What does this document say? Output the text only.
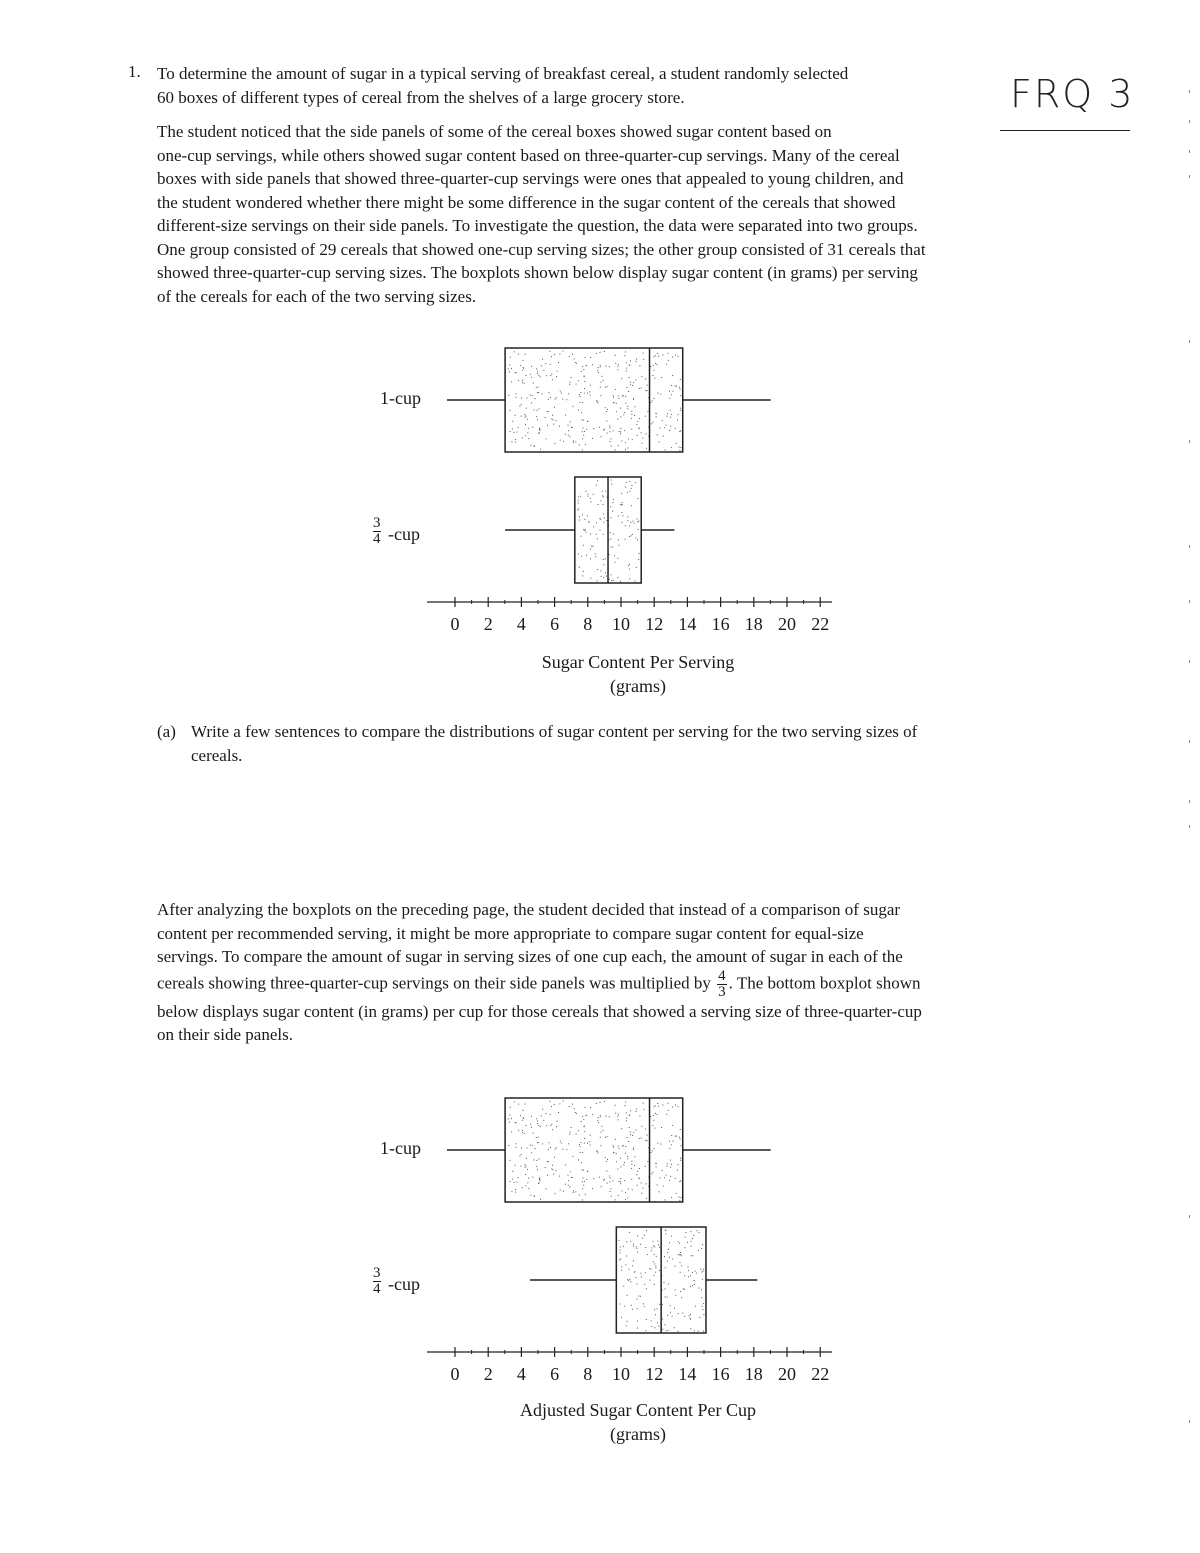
FRQ 3
1. To determine the amount of sugar in a typical serving of breakfast cereal, a student randomly selected
60 boxes of different types of cereal from the shelves of a large grocery store.

The student noticed that the side panels of some of the cereal boxes showed sugar content based on
one-cup servings, while others showed sugar content based on three-quarter-cup servings. Many of the cereal
boxes with side panels that showed three-quarter-cup servings were ones that appealed to young children, and
the student wondered whether there might be some difference in the sugar content of the cereals that showed
different-size servings on their side panels. To investigate the question, the data were separated into two groups.
One group consisted of 29 cereals that showed one-cup serving sizes; the other group consisted of 31 cereals that
showed three-quarter-cup serving sizes. The boxplots shown below display sugar content (in grams) per serving
of the cereals for each of the two serving sizes.

0 2 4 6 8 10 12 14 16 18 20 22
1-cup
$\frac{3}{4} -cup$
Sugar Content Per Serving
(grams)

(a) Write a few sentences to compare the distributions of sugar content per serving for the two serving sizes of
cereals.

After analyzing the boxplots on the preceding page, the student decided that instead of a comparison of sugar
content per recommended serving, it might be more appropriate to compare sugar content for equal-size
servings. To compare the amount of sugar in serving sizes of one cup each, the amount of sugar in each of the
cereals showing three-quarter-cup servings on their side panels was multiplied by $\frac{4}{3}$ . The bottom boxplot shown
below displays sugar content (in grams) per cup for those cereals that showed a serving size of three-quarter-cup
on their side panels.

0 2 4 6 8 10 12 14 16 18 20 22
1-cup
$\frac{3}{4} -cup$
Adjusted Sugar Content Per Cup
(grams)
